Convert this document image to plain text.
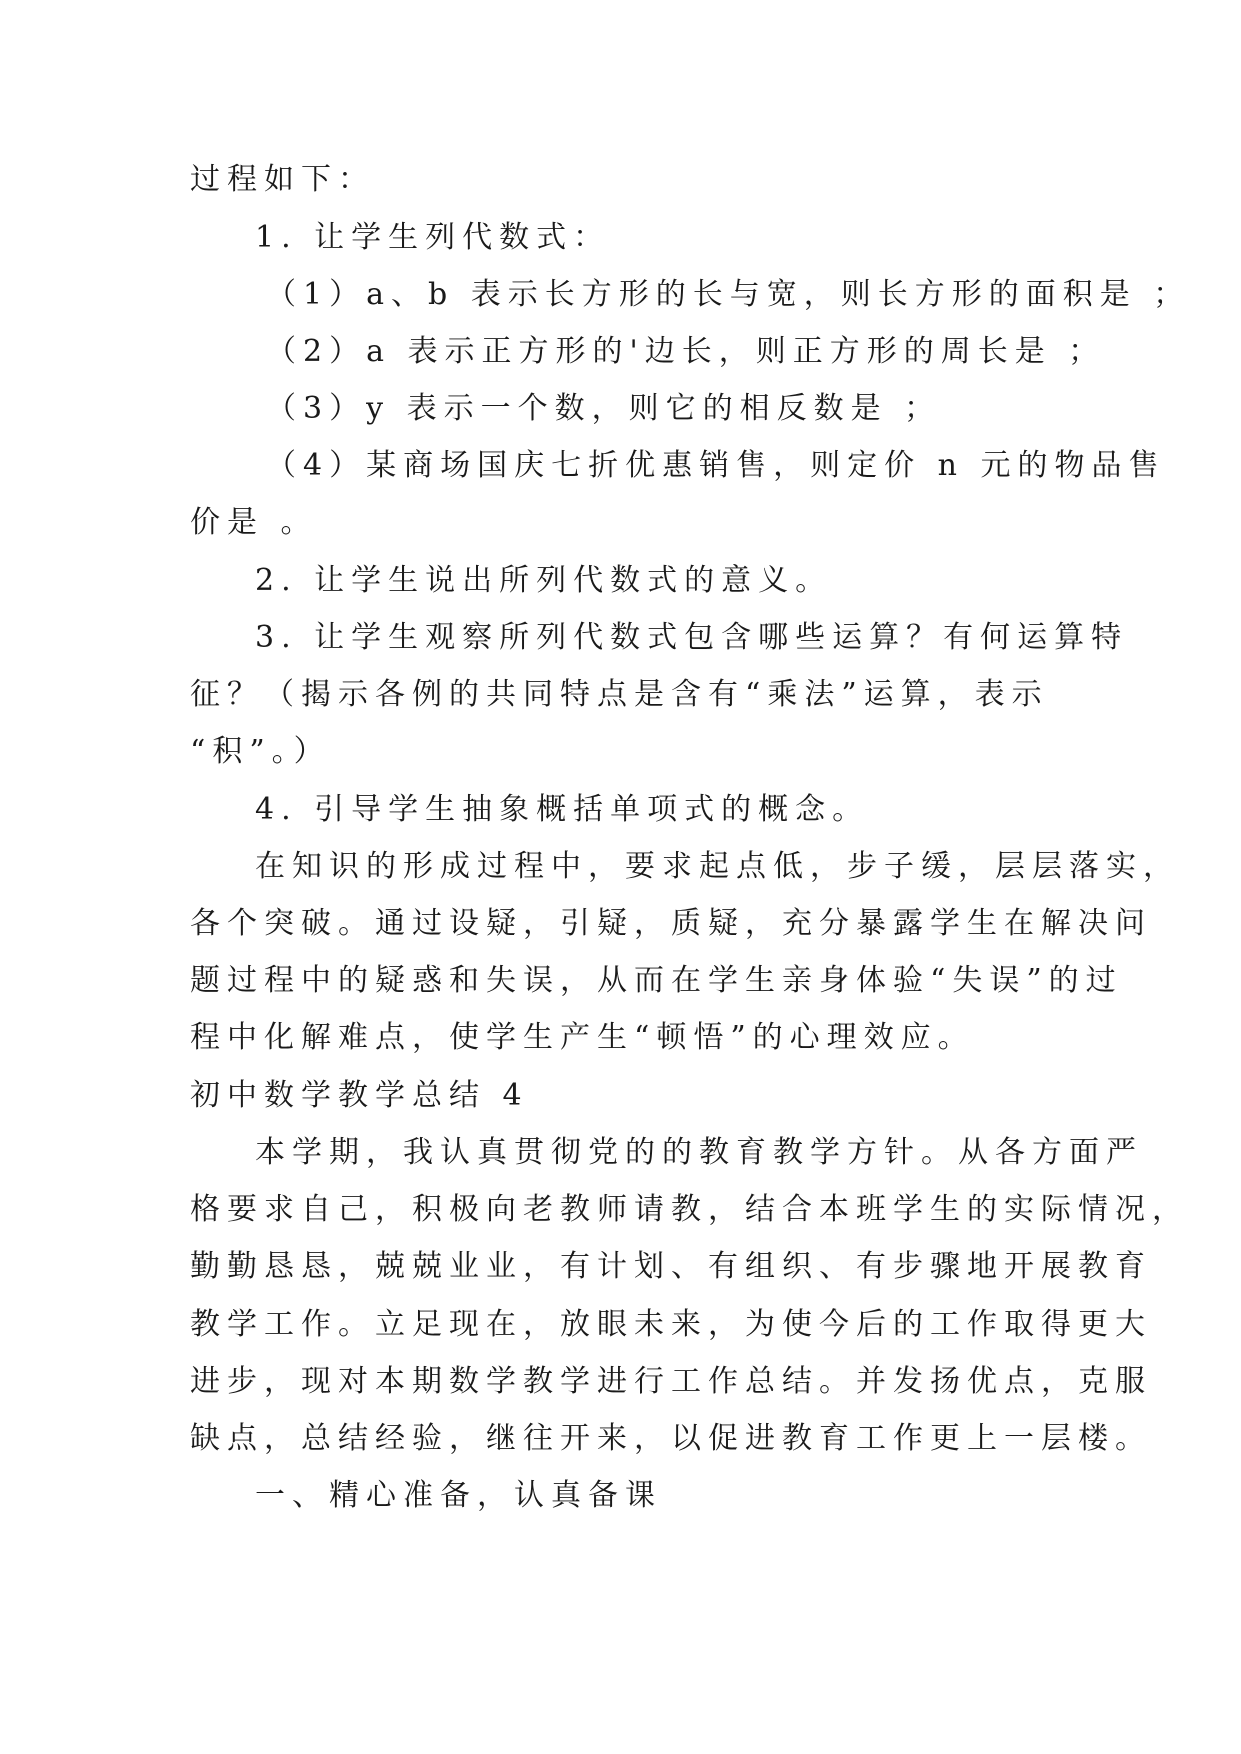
过程如下：
1. 让学生列代数式：
（1）a、b 表示长方形的长与宽，则长方形的面积是 ；
（2）a 表示正方形的'边长，则正方形的周长是 ；
（3）y 表示一个数，则它的相反数是 ；
（4）某商场国庆七折优惠销售，则定价 n 元的物品售
价是 。
2. 让学生说出所列代数式的意义。
3. 让学生观察所列代数式包含哪些运算？有何运算特
征？（揭示各例的共同特点是含有“乘法”运算，表示
“积”。）
4. 引导学生抽象概括单项式的概念。
在知识的形成过程中，要求起点低，步子缓，层层落实，
各个突破。通过设疑，引疑，质疑，充分暴露学生在解决问
题过程中的疑惑和失误，从而在学生亲身体验“失误”的过
程中化解难点，使学生产生“顿悟”的心理效应。
初中数学教学总结 4
本学期，我认真贯彻党的的教育教学方针。从各方面严
格要求自己，积极向老教师请教，结合本班学生的实际情况，
勤勤恳恳，兢兢业业，有计划、有组织、有步骤地开展教育
教学工作。立足现在，放眼未来，为使今后的工作取得更大
进步，现对本期数学教学进行工作总结。并发扬优点，克服
缺点，总结经验，继往开来，以促进教育工作更上一层楼。
一、精心准备，认真备课
